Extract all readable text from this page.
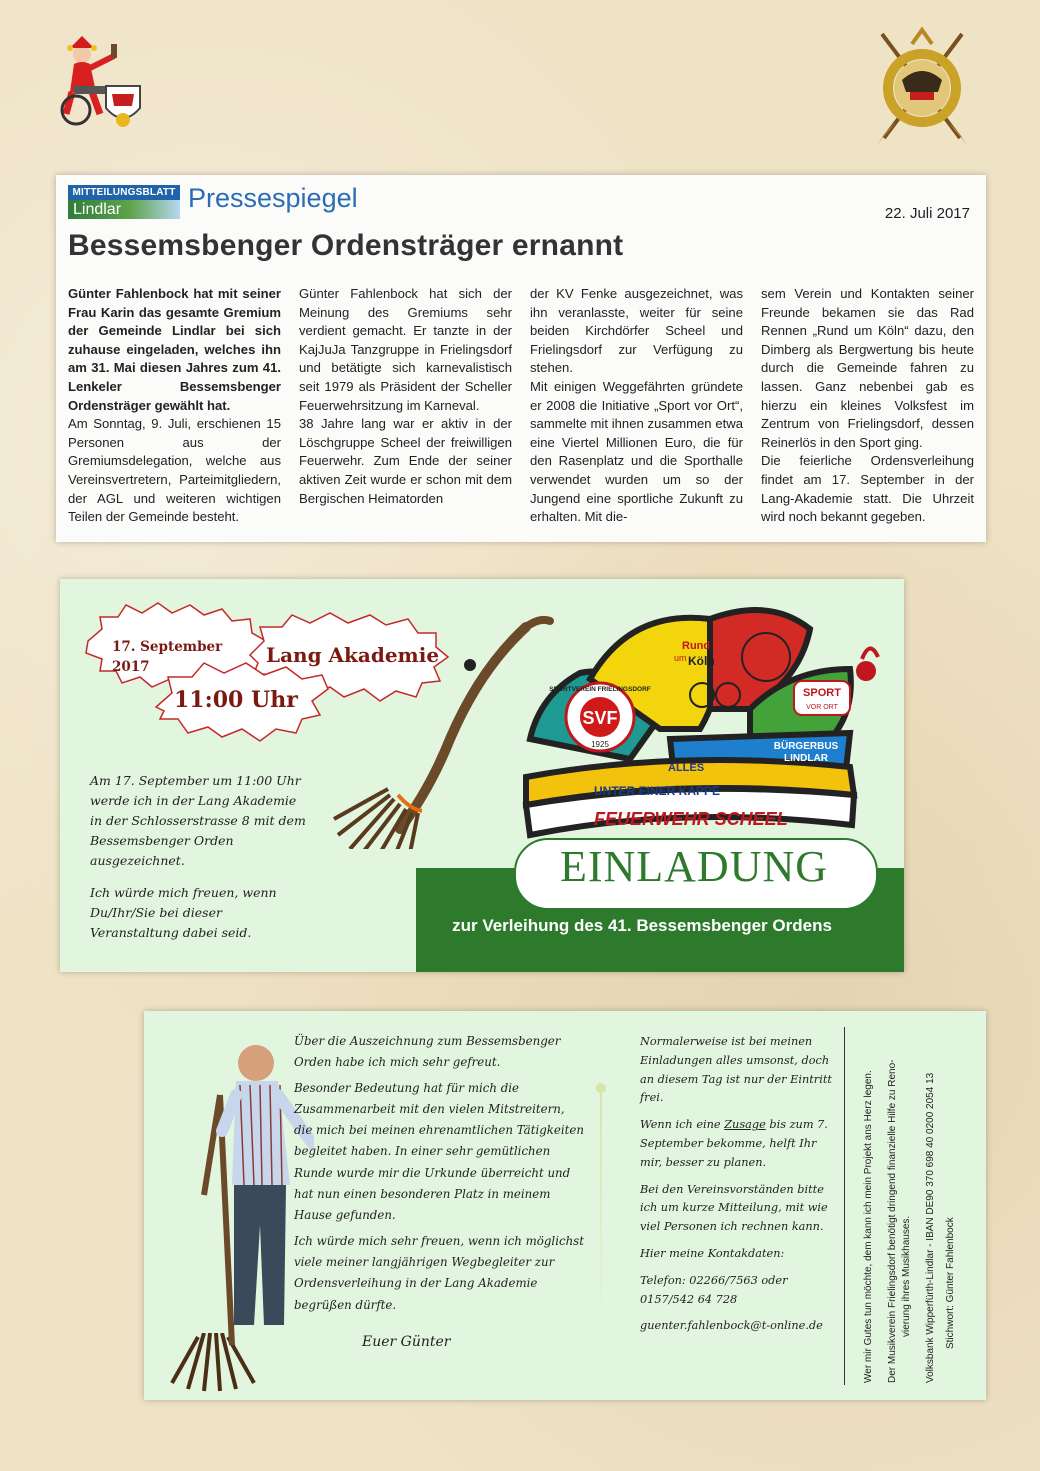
MITTEILUNGSBLATT
Lindlar	Pressespiegel
22. Juli 2017
Bessemsbenger Ordensträger ernannt

Günter Fahlenbock hat mit seiner Frau Karin das gesamte Gremium der Gemeinde Lindlar bei sich zuhause eingeladen, welches ihn am 31. Mai diesen Jahres zum 41. Lenkeler Bessemsbenger Ordensträger gewählt hat.

Am Sonntag, 9. Juli, erschienen 15 Personen aus der Gremiumsdelegation, welche aus Vereinsvertretern, Parteimitgliedern, der AGL und weiteren wichtigen Teilen der Gemeinde besteht.

Günter Fahlenbock hat sich der Meinung des Gremiums sehr verdient gemacht. Er tanzte in der KajJuJa Tanzgruppe in Frielingsdorf und betätigte sich karnevalistisch seit 1979 als Präsident der Scheller Feuerwehrsitzung im Karneval.

38 Jahre lang war er aktiv in der Löschgruppe Scheel der freiwilligen Feuerwehr. Zum Ende der seiner aktiven Zeit wurde er schon mit dem Bergischen Heimatorden

der KV Fenke ausgezeichnet, was ihn veranlasste, weiter für seine beiden Kirchdörfer Scheel und Frielingsdorf zur Verfügung zu stehen.

Mit einigen Weggefährten gründete er 2008 die Initiative „Sport vor Ort“, sammelte mit ihnen zusammen etwa eine Viertel Millionen Euro, die für den Rasenplatz und die Sporthalle verwendet wurden um so der Jungend eine sportliche Zukunft zu erhalten. Mit die-

sem Verein und Kontakten seiner Freunde bekamen sie das Rad Rennen „Rund um Köln“ dazu, den Dimberg als Bergwertung bis heute durch die Gemeinde fahren zu lassen. Ganz nebenbei gab es hierzu ein kleines Volksfest im Zentrum von Frielingsdorf, dessen Reinerlös in den Sport ging.

Die feierliche Ordensverleihung findet am 17. September in der Lang-Akademie statt. Die Uhrzeit wird noch bekannt gegeben.

17. September
2017	Lang Akademie
11:00 Uhr

Am 17. September um 11:00 Uhr werde ich in der Lang Akademie in der Schlosserstrasse 8 mit dem Bessemsbenger Orden ausgezeichnet.

Ich würde mich freuen, wenn Du/Ihr/Sie bei dieser Veranstaltung dabei seid.

SVF
1925
SPORTVEREIN FRIELINGSDORF
Rund
um Köln
SPORT
VOR ORT
BÜRGERBUS
LINDLAR
ALLES
UNTER EINER KAPPE
FEUERWEHR SCHEEL
EINLADUNG
zur Verleihung des 41. Bessemsbenger Ordens

Über die Auszeichnung zum Bessemsbenger Orden habe ich mich sehr gefreut.

Besonder Bedeutung hat für mich die Zusammenarbeit mit den vielen Mitstreitern, die mich bei meinen ehrenamtlichen Tätigkeiten begleitet haben. In einer sehr gemütlichen Runde wurde mir die Urkunde überreicht und hat nun einen besonderen Platz in meinem Hause gefunden.

Ich würde mich sehr freuen, wenn ich möglichst viele meiner langjährigen Wegbegleiter zur Ordensverleihung in der Lang Akademie begrüßen dürfte.

Euer Günter

Normalerweise ist bei meinen Einladungen alles umsonst, doch an diesem Tag ist nur der Eintritt frei.

Wenn ich eine Zusage bis zum 7. September bekomme, helft Ihr mir, besser zu planen.

Bei den Vereinsvorständen bitte ich um kurze Mitteilung, mit wie viel Personen ich rechnen kann.

Hier meine Kontakdaten:

Telefon: 02266/7563 oder 0157/542 64 728

guenter.fahlenbock@t-online.de	Wer mir Gutes tun möchte, dem kann ich mein Projekt ans Herz legen. Der Musikverein Frielingsdorf benötigt dringend finanzielle Hilfe zu Reno- vierung ihres Musikhauses. Volksbank Wipperfürth-Lindlar - IBAN DE90 370 698 40 0200 2054 13 Stichwort: Günter Fahlenbock
